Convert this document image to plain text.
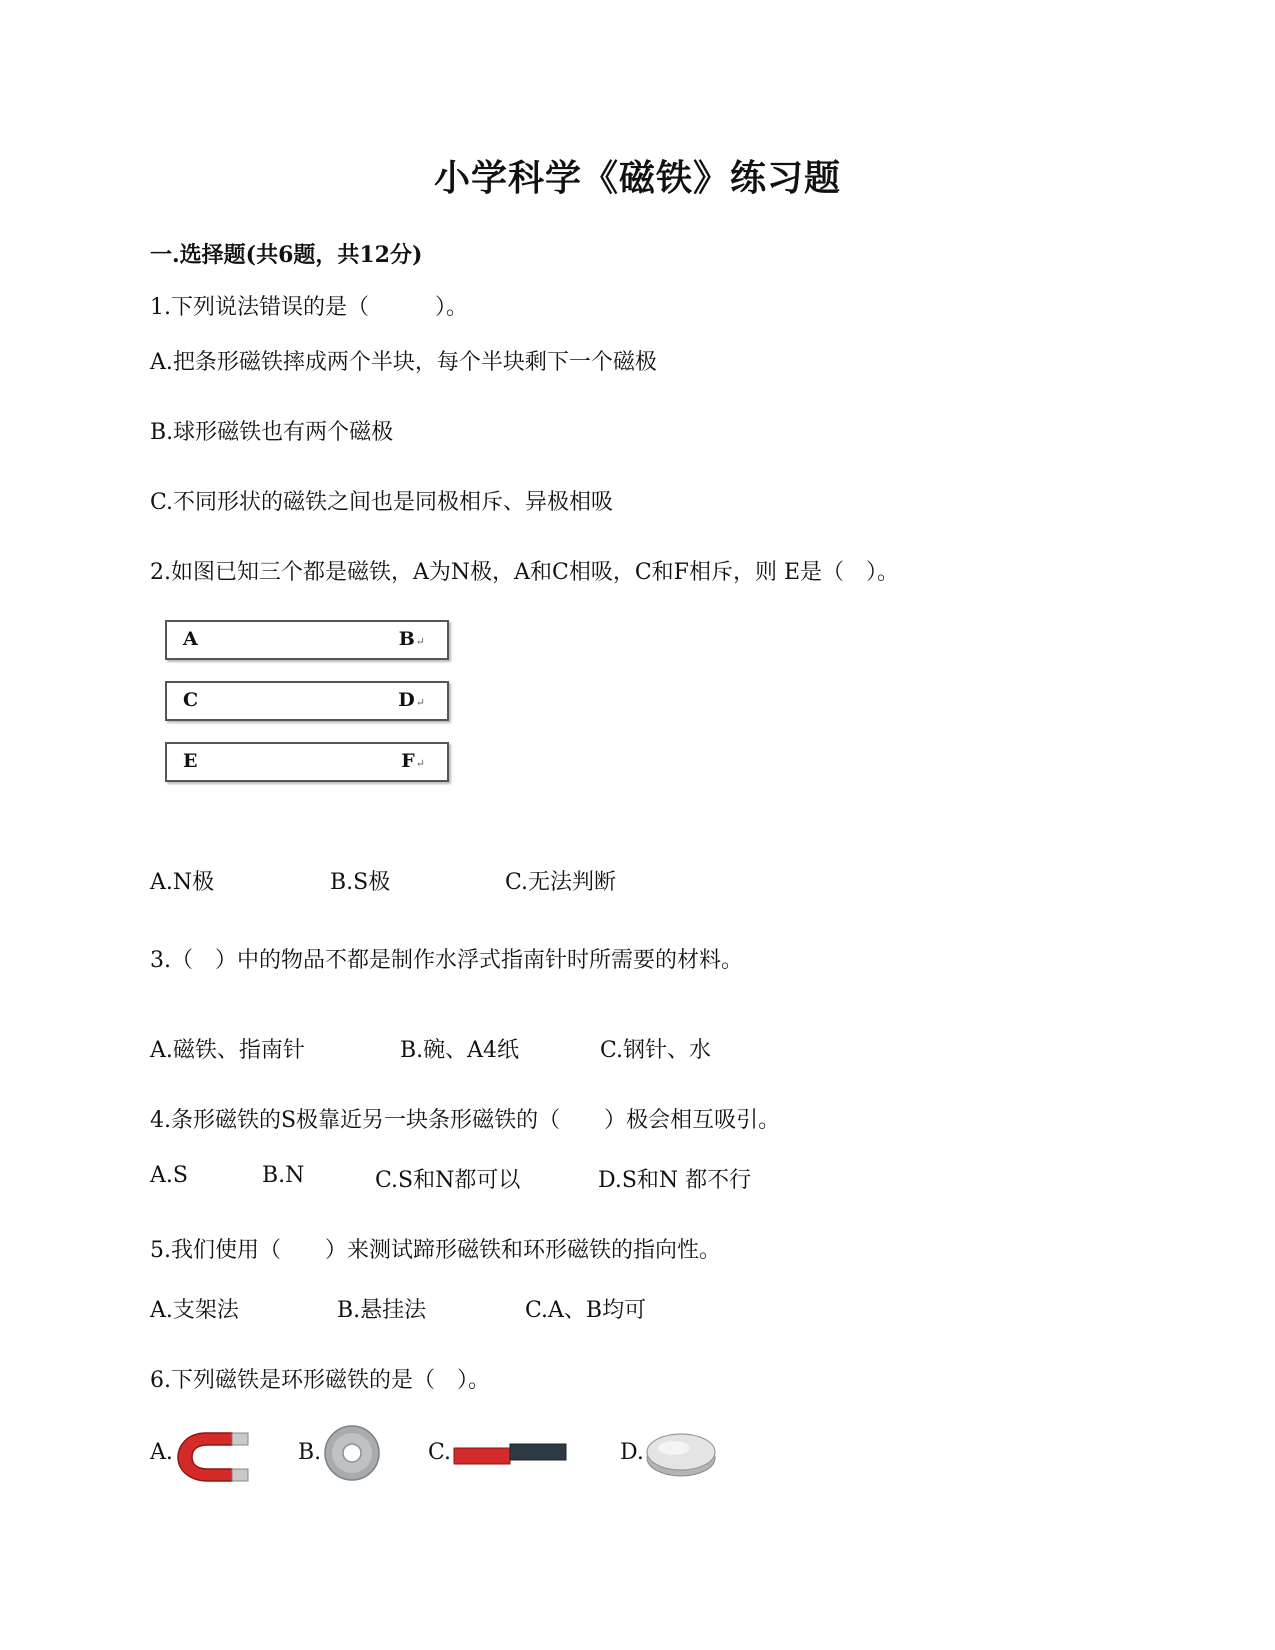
小学科学《磁铁》练习题
一.选择题(共6题，共12分)
1.下列说法错误的是（　　　）。
A.把条形磁铁摔成两个半块，每个半块剩下一个磁极
B.球形磁铁也有两个磁极
C.不同形状的磁铁之间也是同极相斥、异极相吸
2.如图已知三个都是磁铁，A为N极，A和C相吸，C和F相斥，则 E是（　）。
A	B ↵
C	D ↵
E	F ↵
A.N极	B.S极	C.无法判断
3.（　）中的物品不都是制作水浮式指南针时所需要的材料。
A.磁铁、指南针	B.碗、A4纸	C.钢针、水
4.条形磁铁的S极靠近另一块条形磁铁的（　　）极会相互吸引。
A.S	B.N	C.S和N都可以	D.S和N 都不行
5.我们使用（　　）来测试蹄形磁铁和环形磁铁的指向性。
A.支架法	B.悬挂法	C.A、B均可
6.下列磁铁是环形磁铁的是（　）。
A.	B.	C.	D.
